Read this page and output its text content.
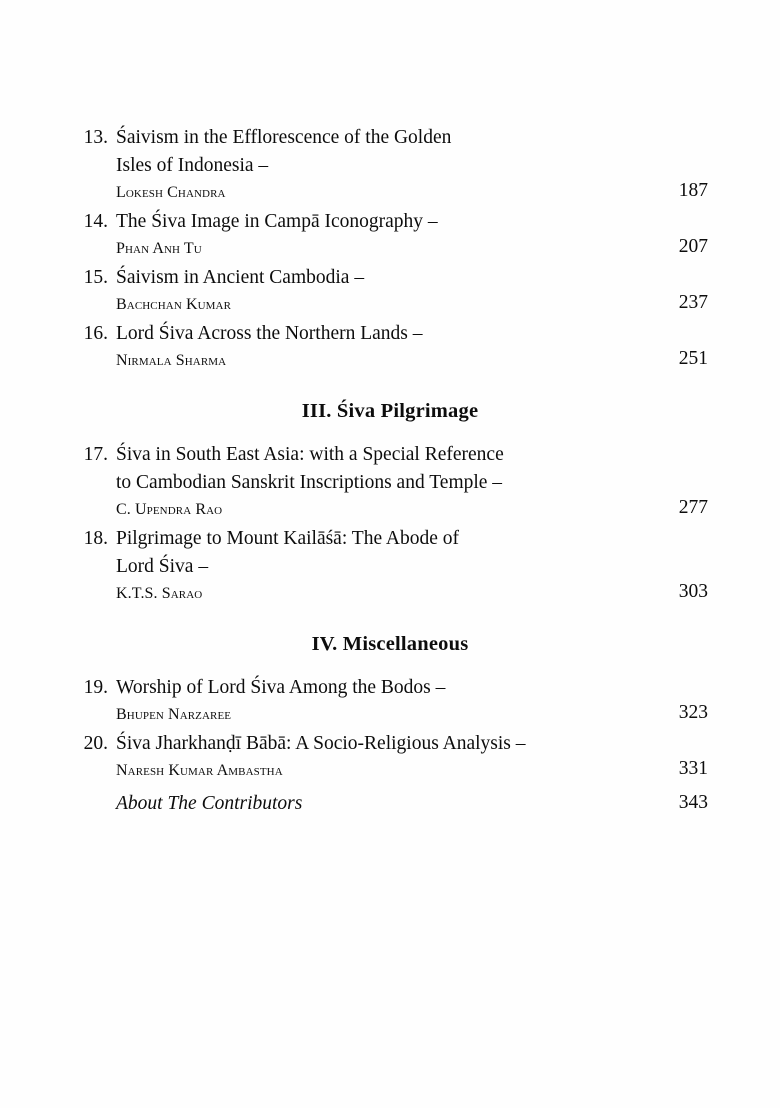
13. Śaivism in the Efflorescence of the Golden
Isles of Indonesia –
Lokesh Chandra	187
14. The Śiva Image in Campā Iconography –
Phan Anh Tu	207
15. Śaivism in Ancient Cambodia –
Bachchan Kumar	237
16. Lord Śiva Across the Northern Lands –
Nirmala Sharma	251
III. Śiva Pilgrimage
17. Śiva in South East Asia: with a Special Reference
to Cambodian Sanskrit Inscriptions and Temple –
C. Upendra Rao	277
18. Pilgrimage to Mount Kailāśā: The Abode of
Lord Śiva –
K.T.S. Sarao	303
IV. Miscellaneous
19. Worship of Lord Śiva Among the Bodos –
Bhupen Narzaree	323
20. Śiva Jharkhanḍī Bābā: A Socio-Religious Analysis –
Naresh Kumar Ambastha	331
About The Contributors	343
